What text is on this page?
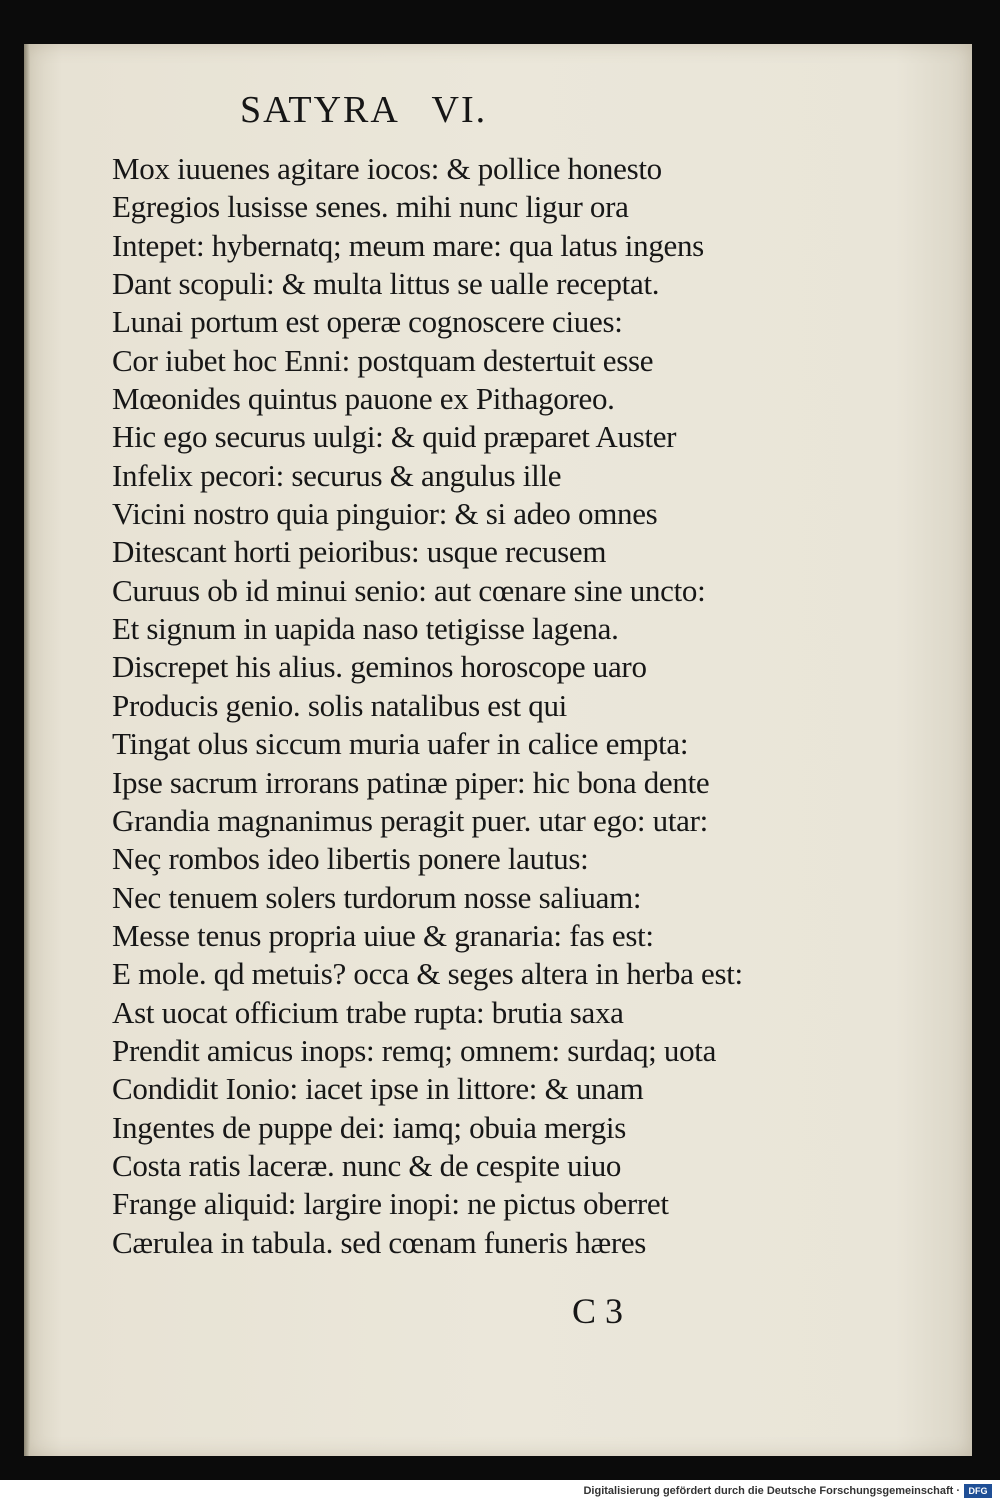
SATYRA   VI.
Mox iuuenes agitare iocos: & pollice honesto
Egregios lusisse senes. mihi nunc ligur ora
Intepet: hybernatq; meum mare: qua latus ingens
Dant scopuli: & multa littus se ualle receptat.
Lunai portum est operæ cognoscere ciues:
Cor iubet hoc Enni: postquam destertuit esse
Mœonides quintus pauone ex Pithagoreo.
Hic ego securus uulgi: & quid præparet Auster
Infelix pecori: securus & angulus ille
Vicini nostro quia pinguior: & si adeo omnes
Ditescant horti peioribus: usque recusem
Curuus ob id minui senio: aut cœnare sine uncto:
Et signum in uapida naso tetigisse lagena.
Discrepet his alius. geminos horoscope uaro
Producis genio. solis natalibus est qui
Tingat olus siccum muria uafer in calice empta:
Ipse sacrum irrorans patinæ piper: hic bona dente
Grandia magnanimus peragit puer. utar ego: utar:
Neç rombos ideo libertis ponere lautus:
Nec tenuem solers turdorum nosse saliuam:
Messe tenus propria uiue & granaria: fas est:
E mole. qd metuis? occa & seges altera in herba est:
Ast uocat officium trabe rupta: brutia saxa
Prendit amicus inops: remq; omnem: surdaq; uota
Condidit Ionio: iacet ipse in littore: & unam
Ingentes de puppe dei: iamq; obuia mergis
Costa ratis laceræ. nunc & de cespite uiuo
Frange aliquid: largire inopi: ne pictus oberret
Cærulea in tabula. sed cœnam funeris hæres
C 3
Digitalisierung gefördert durch die Deutsche Forschungsgemeinschaft · DFG
